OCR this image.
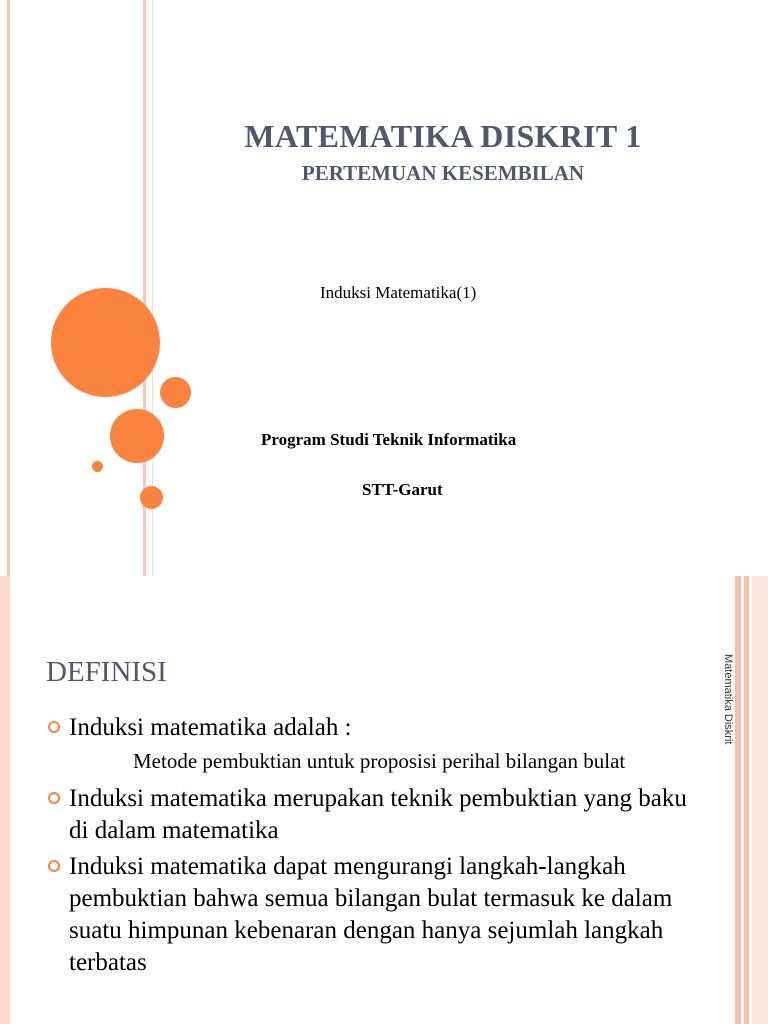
MATEMATIKA DISKRIT 1
PERTEMUAN KESEMBILAN
Induksi Matematika(1)
Program Studi Teknik Informatika
STT-Garut
DEFINISI	Matematika Diskrit
Induksi matematika adalah :
Metode pembuktian untuk proposisi perihal bilangan bulat
Induksi matematika merupakan teknik pembuktian yang baku di dalam matematika
Induksi matematika dapat mengurangi langkah-langkah pembuktian bahwa semua bilangan bulat termasuk ke dalam suatu himpunan kebenaran dengan hanya sejumlah langkah terbatas
